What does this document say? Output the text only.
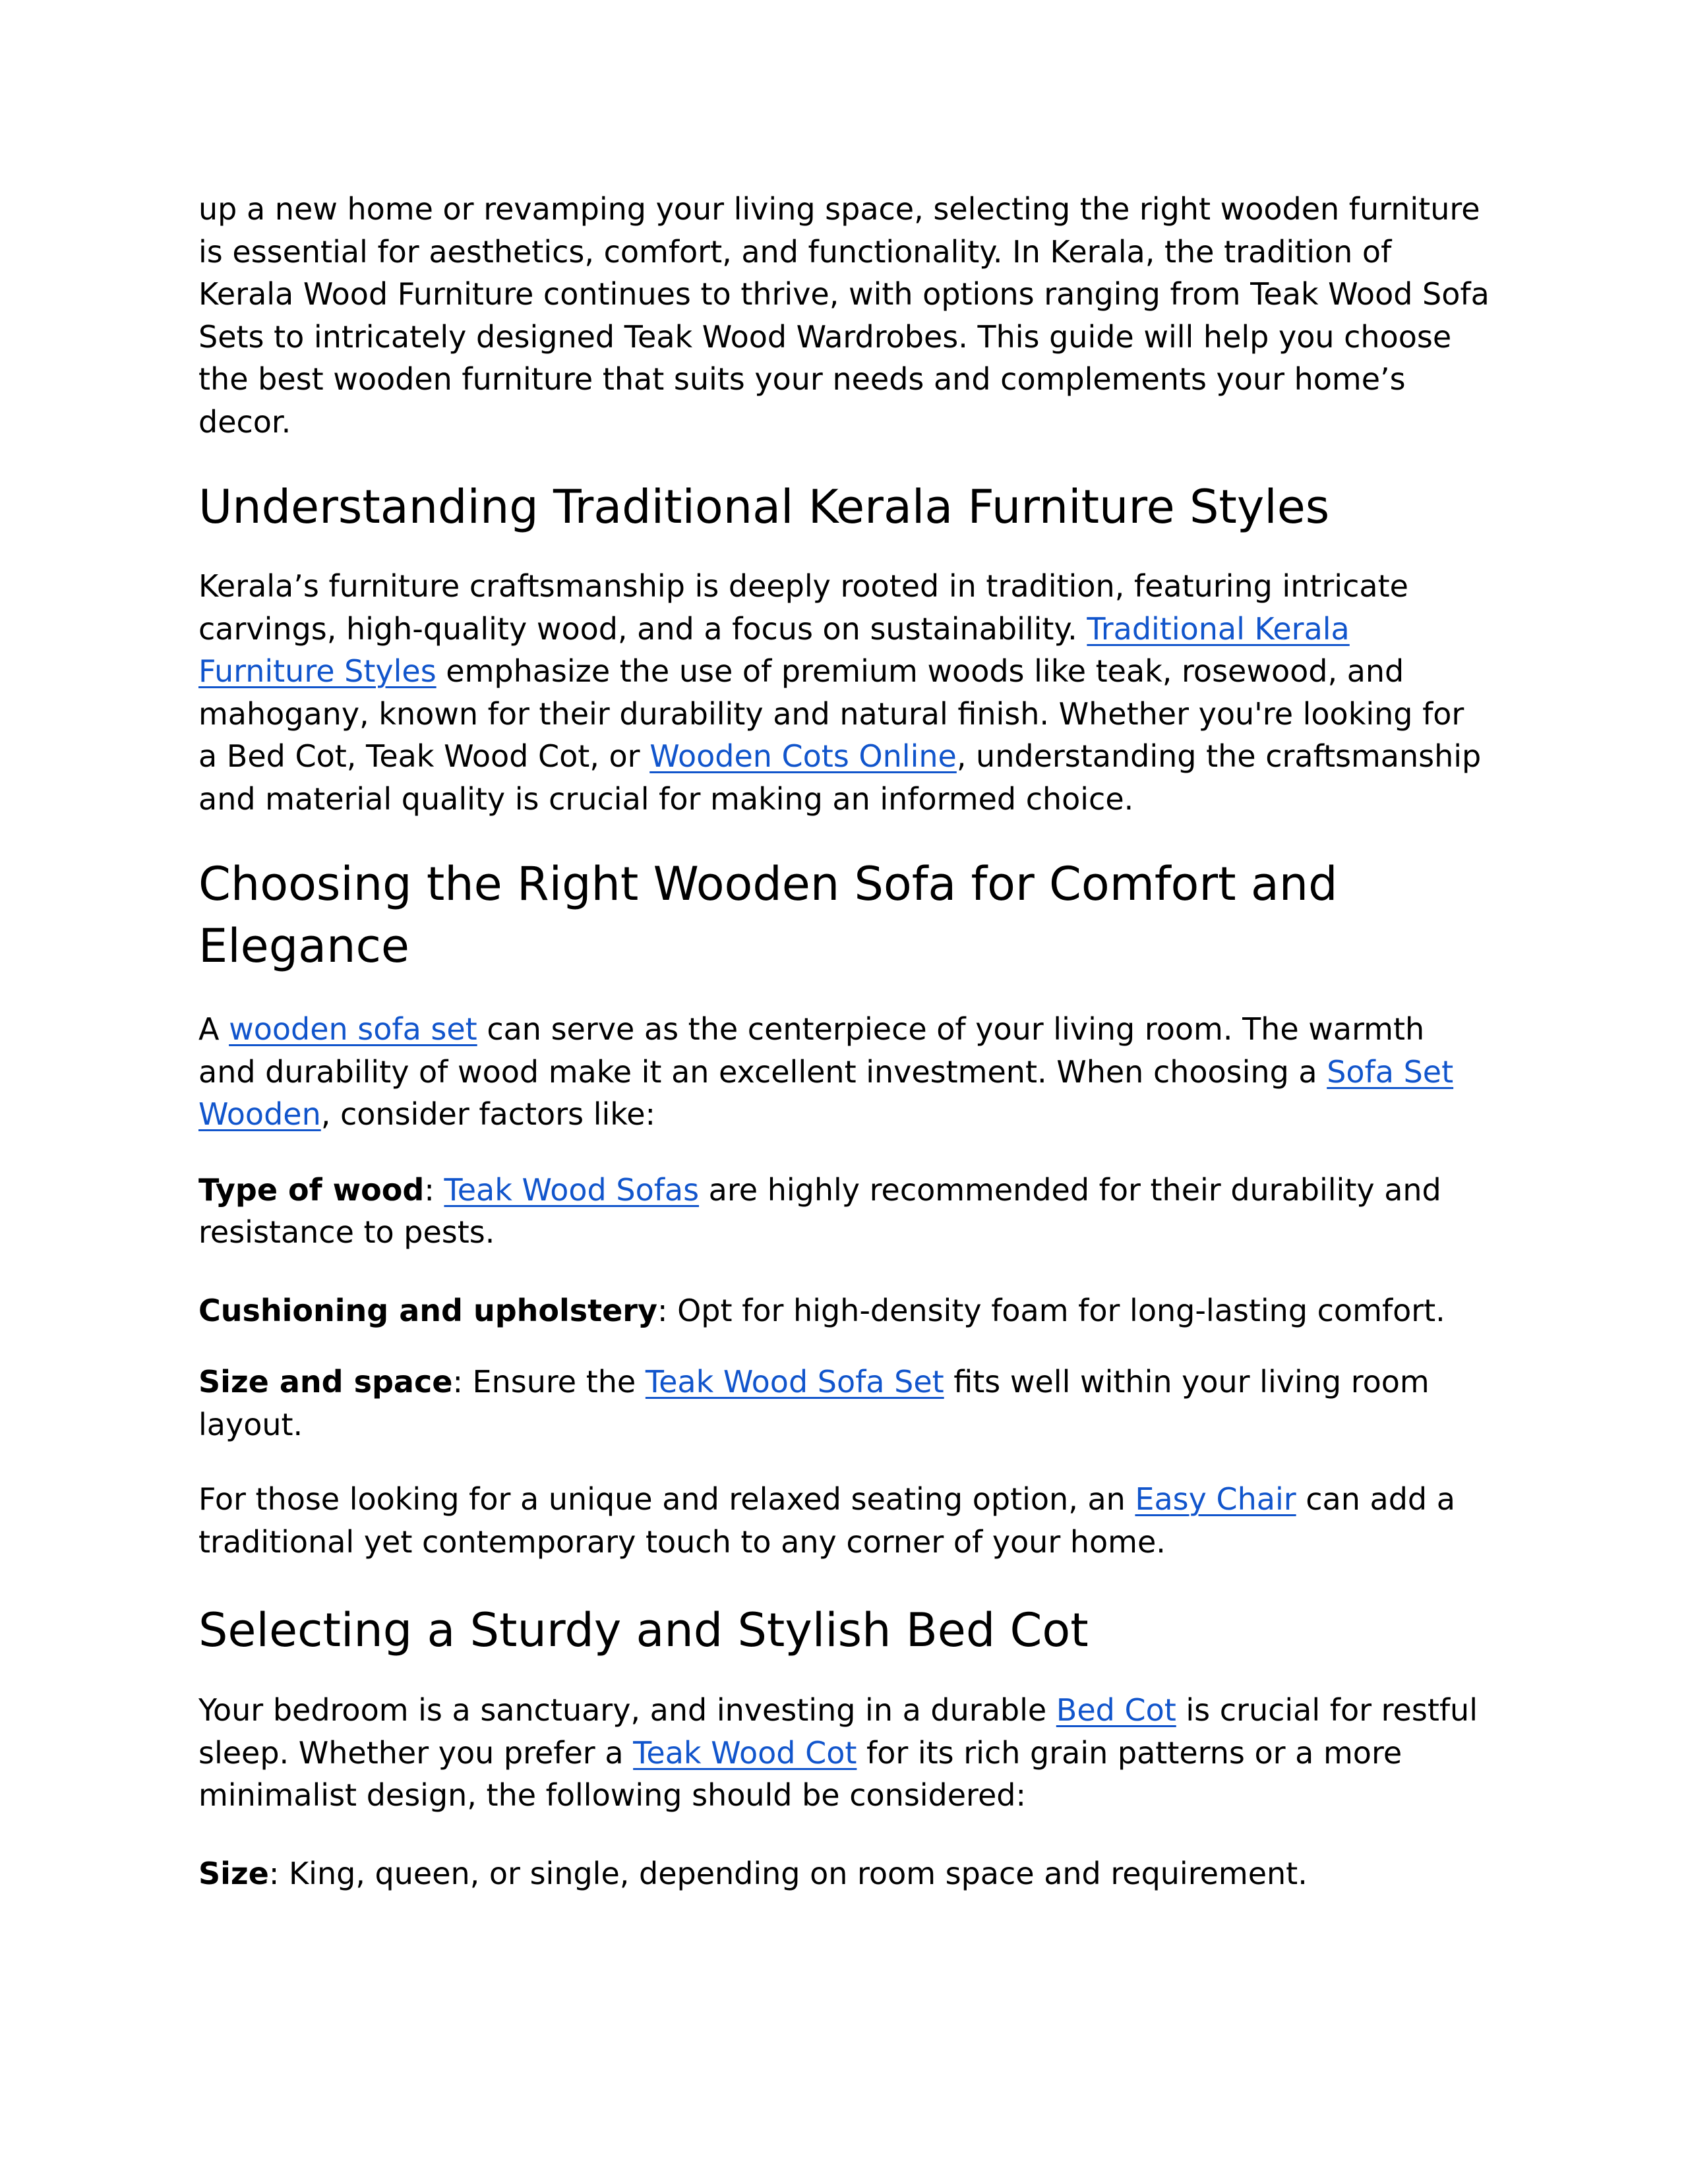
up a new home or revamping your living space, selecting the right wooden furniture is essential for aesthetics, comfort, and functionality. In Kerala, the tradition of Kerala Wood Furniture continues to thrive, with options ranging from Teak Wood Sofa Sets to intricately designed Teak Wood Wardrobes. This guide will help you choose the best wooden furniture that suits your needs and complements your home’s decor.

Understanding Traditional Kerala Furniture Styles

Kerala’s furniture craftsmanship is deeply rooted in tradition, featuring intricate carvings, high-quality wood, and a focus on sustainability. Traditional Kerala Furniture Styles emphasize the use of premium woods like teak, rosewood, and mahogany, known for their durability and natural finish. Whether you're looking for a Bed Cot, Teak Wood Cot, or Wooden Cots Online, understanding the craftsmanship and material quality is crucial for making an informed choice.

Choosing the Right Wooden Sofa for Comfort and Elegance

A wooden sofa set can serve as the centerpiece of your living room. The warmth and durability of wood make it an excellent investment. When choosing a Sofa Set Wooden, consider factors like:

Type of wood: Teak Wood Sofas are highly recommended for their durability and resistance to pests.

Cushioning and upholstery: Opt for high-density foam for long-lasting comfort.

Size and space: Ensure the Teak Wood Sofa Set fits well within your living room layout.

For those looking for a unique and relaxed seating option, an Easy Chair can add a traditional yet contemporary touch to any corner of your home.

Selecting a Sturdy and Stylish Bed Cot

Your bedroom is a sanctuary, and investing in a durable Bed Cot is crucial for restful sleep. Whether you prefer a Teak Wood Cot for its rich grain patterns or a more minimalist design, the following should be considered:

Size: King, queen, or single, depending on room space and requirement.
